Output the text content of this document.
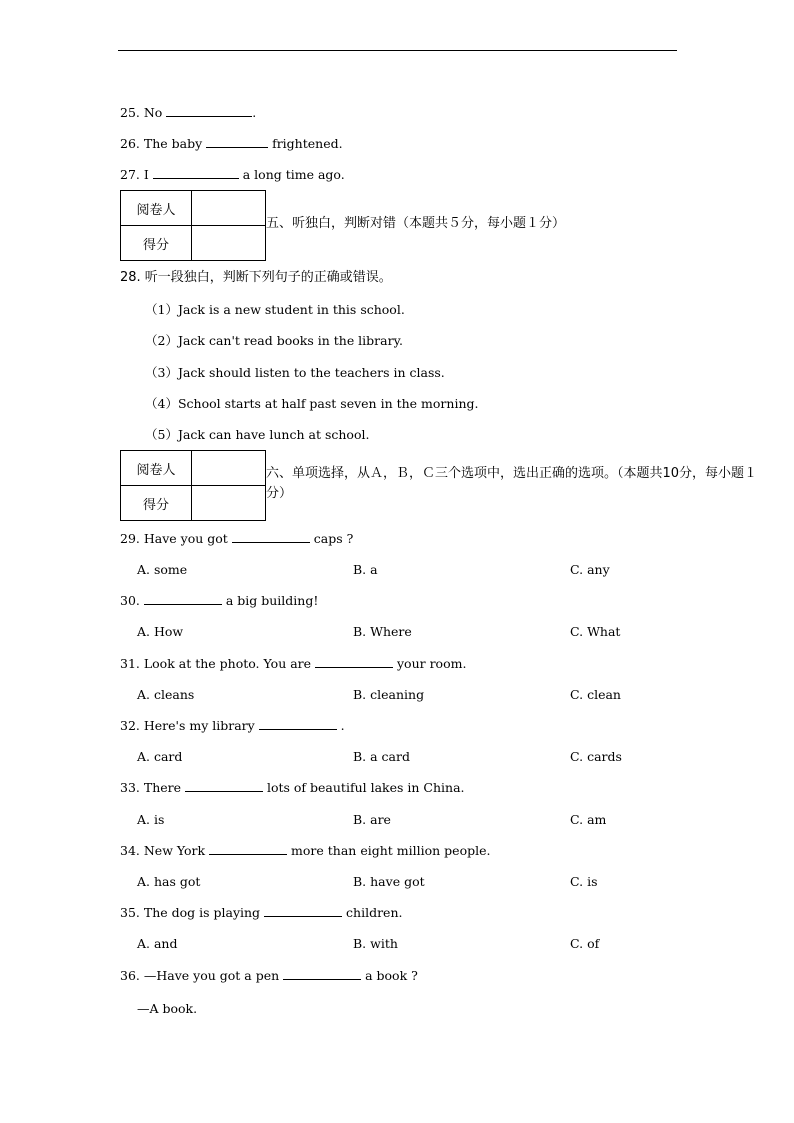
25. No	.
26. The baby	frightened.
27. I	a long time ago.
阅卷人	
得分	
五、听独白，判断对错（本题共５分，每小题１分）
28. 听一段独白，判断下列句子的正确或错误。
（1）Jack is a new student in this school.
（2）Jack can't read books in the library.
（3）Jack should listen to the teachers in class.
（4）School starts at half past seven in the morning.
（5）Jack can have lunch at school.
阅卷人	
得分	
六、单项选择，从Ａ，Ｂ，Ｃ三个选项中，选出正确的选项。（本题共10分，每小题１
分）
29. Have you got	caps ?
A. some	B. a	C. any
30.	a big building!
A. How	B. Where	C. What
31. Look at the photo. You are	your room.
A. cleans	B. cleaning	C. clean
32. Here's my library	.
A. card	B. a card	C. cards
33. There	lots of beautiful lakes in China.
A. is	B. are	C. am
34. New York	more than eight million people.
A. has got	B. have got	C. is
35. The dog is playing	children.
A. and	B. with	C. of
36. —Have you got a pen	a book ?
—A book.
